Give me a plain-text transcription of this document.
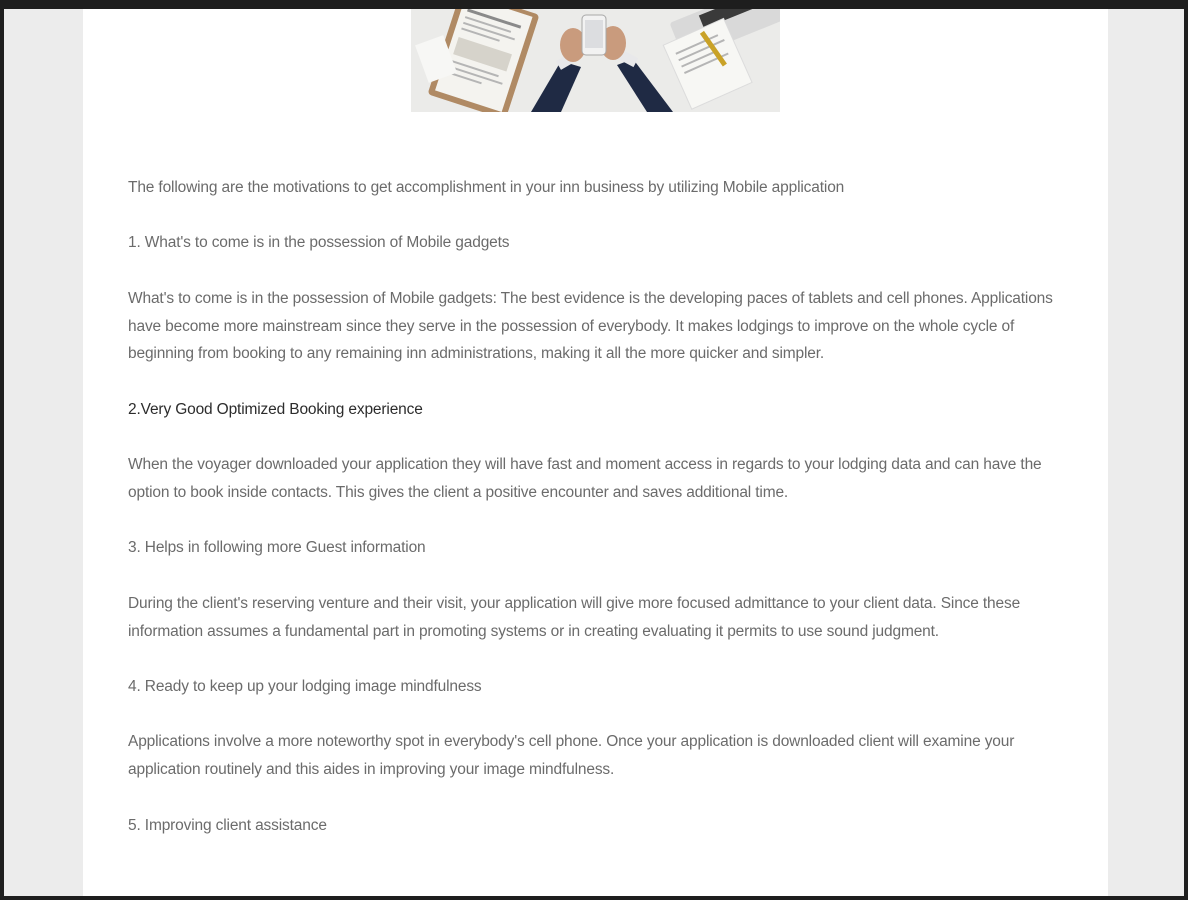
The following are the motivations to get accomplishment in your inn business by utilizing Mobile application

1. What's to come is in the possession of Mobile gadgets

What's to come is in the possession of Mobile gadgets: The best evidence is the developing paces of tablets and cell phones. Applications have become more mainstream since they serve in the possession of everybody. It makes lodgings to improve on the whole cycle of beginning from booking to any remaining inn administrations, making it all the more quicker and simpler.

2.Very Good Optimized Booking experience

When the voyager downloaded your application they will have fast and moment access in regards to your lodging data and can have the option to book inside contacts. This gives the client a positive encounter and saves additional time.

3. Helps in following more Guest information

During the client's reserving venture and their visit, your application will give more focused admittance to your client data. Since these information assumes a fundamental part in promoting systems or in creating evaluating it permits to use sound judgment.

4. Ready to keep up your lodging image mindfulness

Applications involve a more noteworthy spot in everybody's cell phone. Once your application is downloaded client will examine your application routinely and this aides in improving your image mindfulness.

5. Improving client assistance
